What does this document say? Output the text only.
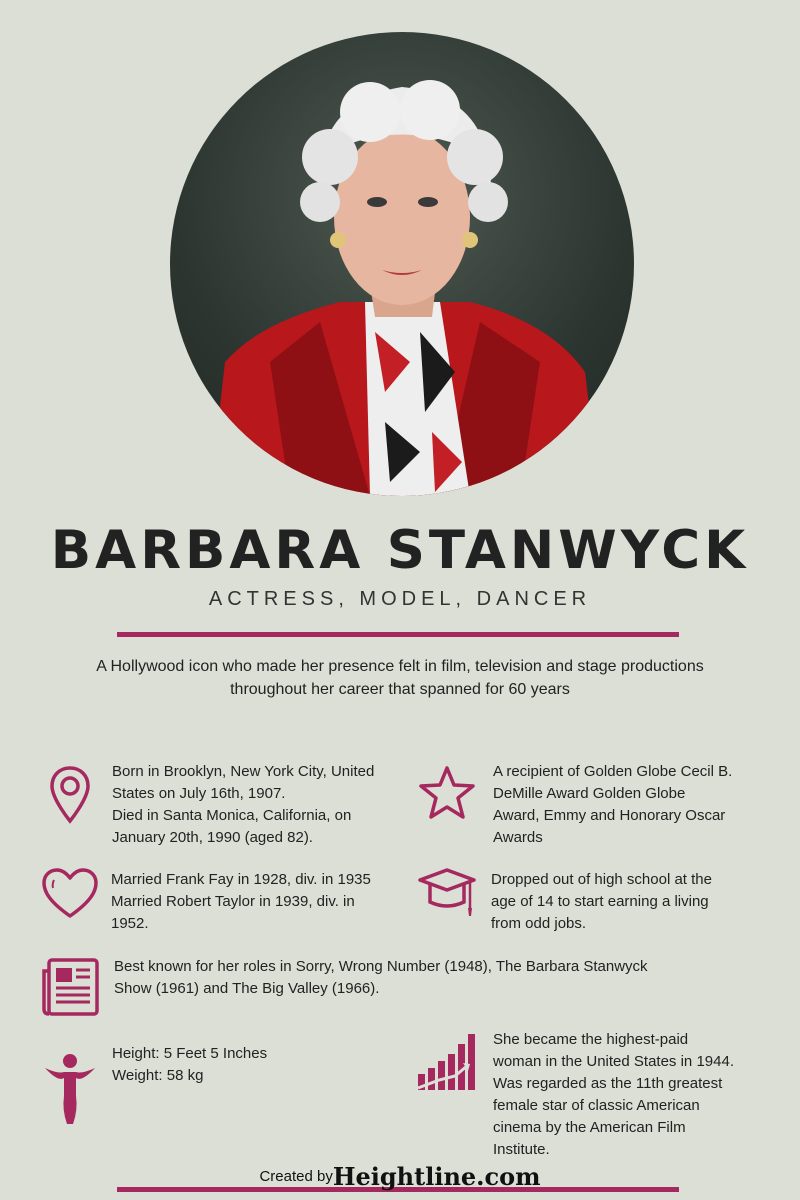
BARBARA STANWYCK
ACTRESS, MODEL, DANCER
A Hollywood icon who made her presence felt in film, television and stage productions
throughout her career that spanned for 60 years
Born in Brooklyn, New York City, United
States on July 16th, 1907.
Died in Santa Monica, California, on
January 20th, 1990 (aged 82).
A recipient of Golden Globe Cecil B.
DeMille Award Golden Globe
Award, Emmy and Honorary Oscar
Awards
Married Frank Fay in 1928, div. in 1935
Married Robert Taylor in 1939, div. in
1952.
Dropped out of high school at the
age of 14 to start earning a living
from odd jobs.
Best known for her roles in Sorry, Wrong Number (1948), The Barbara Stanwyck
Show (1961) and The Big Valley (1966).
Height: 5 Feet 5 Inches
Weight: 58 kg
She became the highest-paid
woman in the United States in 1944.
Was regarded as the 11th greatest
female star of classic American
cinema by the American Film
Institute.
Created byHeightline.com
